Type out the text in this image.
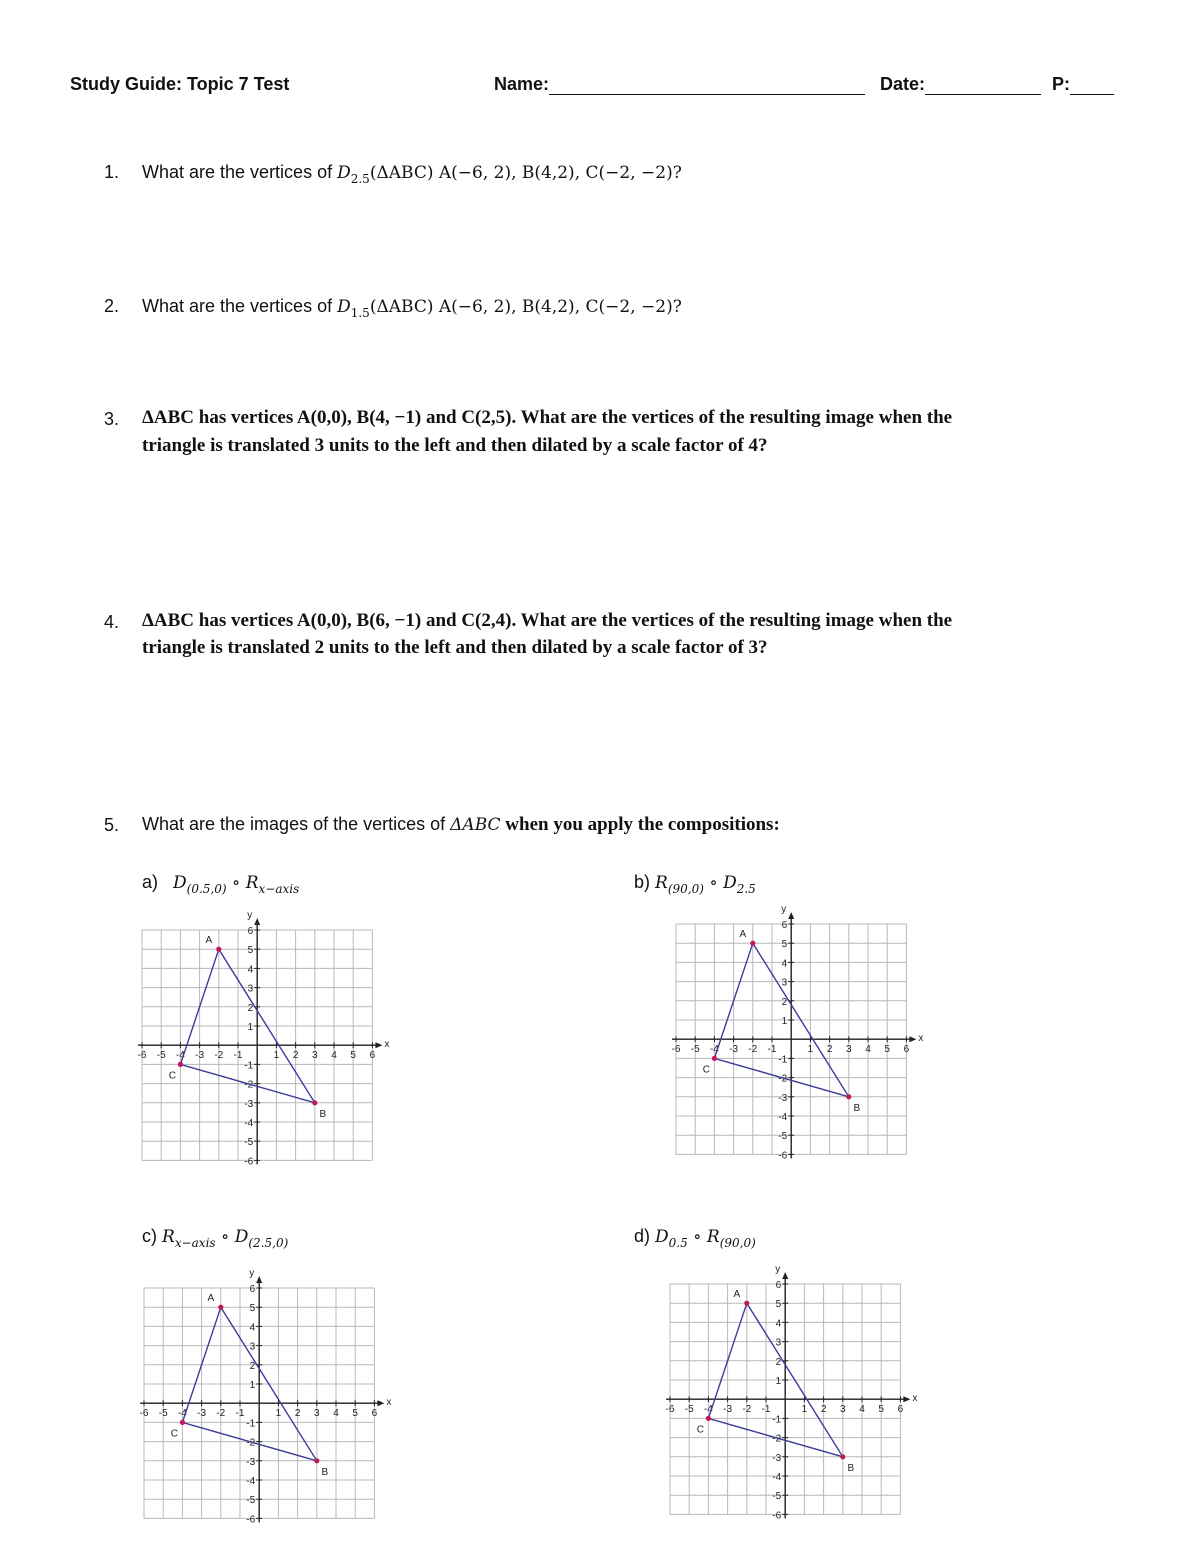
Study Guide: Topic 7 Test	Name:	Date:	P:
1. What are the vertices of $D_{2.5}(\Delta ABC)$ A(−6, 2), B(4,2), C(−2, −2)?
2. What are the vertices of $D_{1.5}(\Delta ABC)$ A(−6, 2), B(4,2), C(−2, −2)?
3. ΔABC has vertices A(0,0), B(4, −1) and C(2,5). What are the vertices of the resulting image when the
triangle is translated 3 units to the left and then dilated by a scale factor of 4?
4. ΔABC has vertices A(0,0), B(6, −1) and C(2,4). What are the vertices of the resulting image when the
triangle is translated 2 units to the left and then dilated by a scale factor of 3?
5. What are the images of the vertices of ΔABC when you apply the compositions:
a) $D_{(0.5,0)}$ ∘ $R_{x-axis}$	b) $R_{(90,0)}$ ∘ $D_{2.5}$
c) $R_{x-axis}$ ∘ $D_{(2.5,0)}$	d) $D_{0.5}$ ∘ $R_{(90,0)}$
x
y
-6 -5 -4 -3 -2 -1	1 2 3 4 5 6
6
5
4
3
2
1
-1
-2
-3
-4
-5
-6
A
B
C
x
y
-6 -5 -4 -3 -2 -1	1 2 3 4 5 6
6
5
4
3
2
1
-1
-2
-3
-4
-5
-6
A
B
C
x
y
-6 -5 -4 -3 -2 -1	1 2 3 4 5 6
6
5
4
3
2
1
-1
-2
-3
-4
-5
-6
A
B
C
x
y
-6 -5 -4 -3 -2 -1	1 2 3 4 5 6
6
5
4
3
2
1
-1
-2
-3
-4
-5
-6
A
B
C
